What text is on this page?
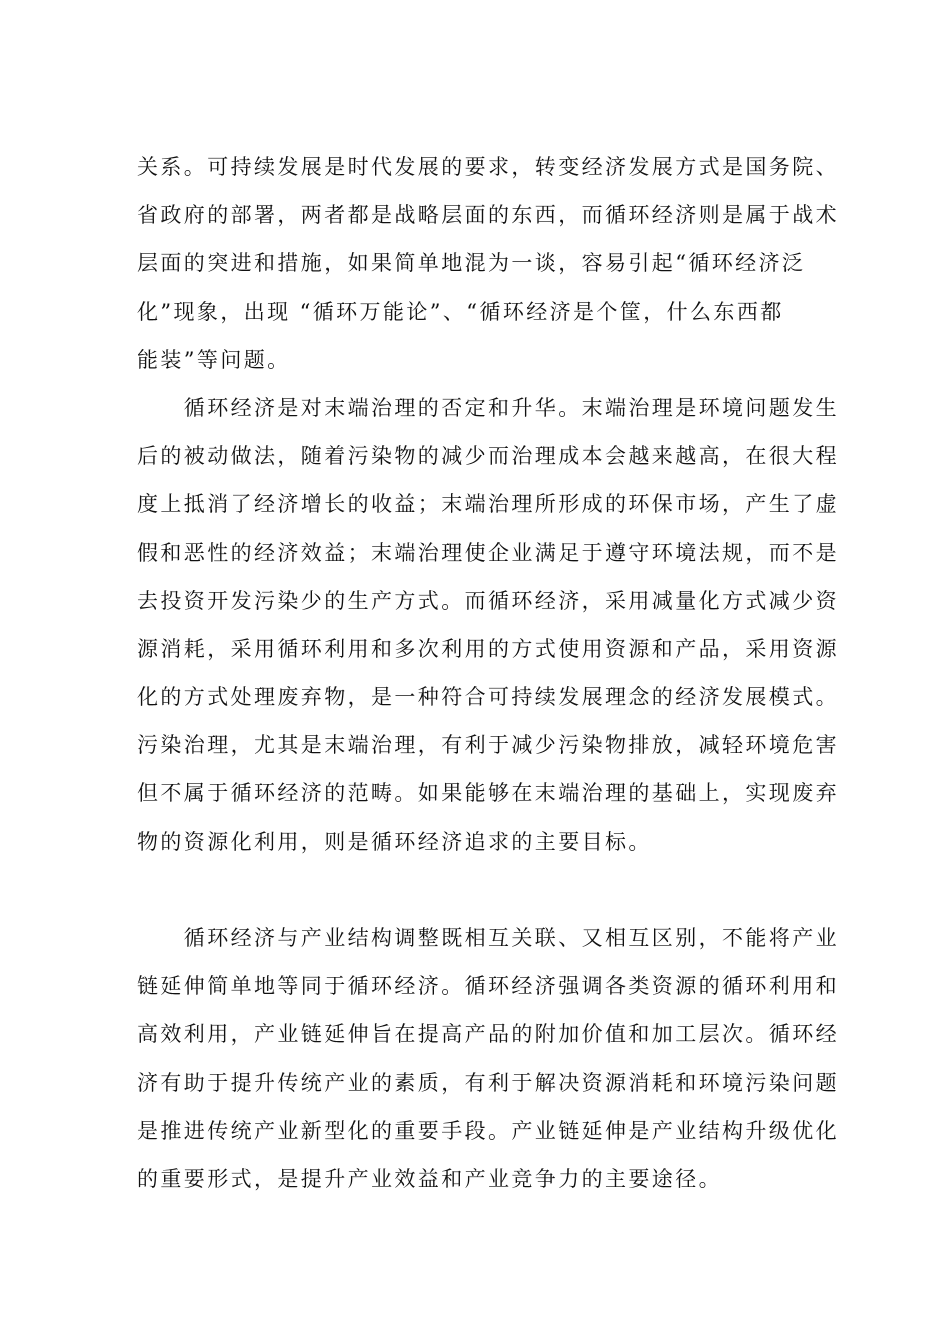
关系。可持续发展是时代发展的要求，转变经济发展方式是国务院、
省政府的部署，两者都是战略层面的东西，而循环经济则是属于战术
层面的突进和措施，如果简单地混为一谈，容易引起“循环经济泛
化”现象，出现 “循环万能论”、“循环经济是个筐，什么东西都
能装”等问题。
　　循环经济是对末端治理的否定和升华。末端治理是环境问题发生
后的被动做法，随着污染物的减少而治理成本会越来越高，在很大程
度上抵消了经济增长的收益；末端治理所形成的环保市场，产生了虚
假和恶性的经济效益；末端治理使企业满足于遵守环境法规，而不是
去投资开发污染少的生产方式。而循环经济，采用减量化方式减少资
源消耗，采用循环利用和多次利用的方式使用资源和产品，采用资源
化的方式处理废弃物，是一种符合可持续发展理念的经济发展模式。
污染治理，尤其是末端治理，有利于减少污染物排放，减轻环境危害
但不属于循环经济的范畴。如果能够在末端治理的基础上，实现废弃
物的资源化利用，则是循环经济追求的主要目标。
　　循环经济与产业结构调整既相互关联、又相互区别，不能将产业
链延伸简单地等同于循环经济。循环经济强调各类资源的循环利用和
高效利用，产业链延伸旨在提高产品的附加价值和加工层次。循环经
济有助于提升传统产业的素质，有利于解决资源消耗和环境污染问题
是推进传统产业新型化的重要手段。产业链延伸是产业结构升级优化
的重要形式，是提升产业效益和产业竞争力的主要途径。
